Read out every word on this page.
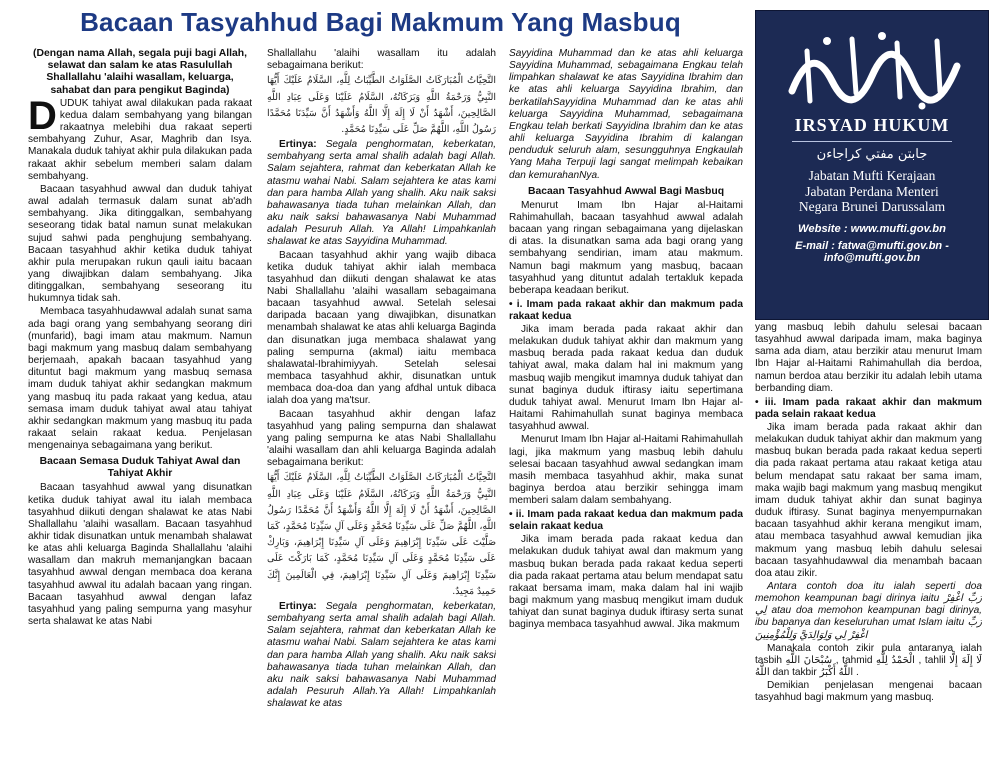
Bacaan Tasyahhud Bagi Makmum Yang Masbuq
IRSYAD HUKUM
جابتن مفتي كراجاءن
Jabatan Mufti Kerajaan
Jabatan Perdana Menteri
Negara Brunei Darussalam
Website : www.mufti.gov.bn
E-mail : fatwa@mufti.gov.bn - info@mufti.gov.bn

(Dengan nama Allah, segala puji bagi Allah, selawat dan salam ke atas Rasulullah Shallallahu 'alaihi wasallam, keluarga, sahabat dan para pengikut Baginda)

DUDUK tahiyat awal dilakukan pada rakaat kedua dalam sembahyang yang bilangan rakaatnya melebihi dua rakaat seperti sembahyang Zuhur, Asar, Maghrib dan Isya. Manakala duduk tahiyat akhir pula dilakukan pada rakaat akhir sebelum memberi salam dalam sembahyang.

Bacaan tasyahhud awwal dan duduk tahiyat awal adalah termasuk dalam sunat ab'adh sembahyang. Jika ditinggalkan, sembahyang seseorang tidak batal namun sunat melakukan sujud sahwi pada penghujung sembahyang. Bacaan tasyahhud akhir ketika duduk tahiyat akhir pula merupakan rukun qauli iaitu bacaan yang diwajibkan dalam sembahyang. Jika ditinggalkan, sembahyang seseorang itu hukumnya tidak sah.

Membaca tasyahhudawwal adalah sunat sama ada bagi orang yang sembahyang seorang diri (munfarid), bagi imam atau makmum. Namun bagi makmum yang masbuq dalam sembahyang berjemaah, apakah bacaan tasyahhud yang dituntut bagi makmum yang masbuq semasa imam duduk tahiyat akhir sedangkan makmum yang masbuq itu pada rakaat yang kedua, atau semasa imam duduk tahiyat awal atau tahiyat akhir sedangkan makmum yang masbuq itu pada rakaat selain rakaat kedua. Penjelasan mengenainya sebagaimana yang berikut.

Bacaan Semasa Duduk Tahiyat Awal dan Tahiyat Akhir

Bacaan tasyahhud awwal yang disunatkan ketika duduk tahiyat awal itu ialah membaca tasyahhud diikuti dengan shalawat ke atas Nabi Shallallahu 'alaihi wasallam. Bacaan tasyahhud akhir tidak disunatkan untuk menambah shalawat ke atas ahli keluarga Baginda Shallallahu 'alaihi wasallam dan makruh memanjangkan bacaan tasyahhud awwal dengan membaca doa kerana tasyahhud awwal itu adalah bacaan yang ringan. Bacaan tasyahhud awwal dengan lafaz tasyahhud yang paling sempurna yang masyhur serta shalawat ke atas Nabi

Shallallahu 'alaihi wasallam itu adalah sebagaimana berikut:

التَّحِيَّاتُ الْمُبَارَكَاتُ الصَّلَوَاتُ الطَّيِّبَاتُ لِلَّهِ، السَّلَامُ عَلَيْكَ أَيُّهَا النَّبِيُّ وَرَحْمَةُ اللَّهِ وَبَرَكَاتُهُ، السَّلَامُ عَلَيْنَا وَعَلَى عِبَادِ اللَّهِ الصَّالِحِينَ، أَشْهَدُ أَنْ لَا إِلَهَ إِلَّا اللَّهُ وَأَشْهَدُ أَنَّ سَيِّدَنَا مُحَمَّدًا رَسُولُ اللَّهِ، اللَّهُمَّ صَلِّ عَلَى سَيِّدِنَا مُحَمَّدٍ.

Ertinya: Segala penghormatan, keberkatan, sembahyang serta amal shalih adalah bagi Allah. Salam sejahtera, rahmat dan keberkatan Allah ke atasmu wahai Nabi. Salam sejahtera ke atas kami dan para hamba Allah yang shalih. Aku naik saksi bahawasanya tiada tuhan melainkan Allah, dan aku naik saksi bahawasanya Nabi Muhammad adalah Pesuruh Allah. Ya Allah! Limpahkanlah shalawat ke atas Sayyidina Muhammad.

Bacaan tasyahhud akhir yang wajib dibaca ketika duduk tahiyat akhir ialah membaca tasyahhud dan diikuti dengan shalawat ke atas Nabi Shallallahu 'alaihi wasallam sebagaimana bacaan tasyahhud awwal. Setelah selesai daripada bacaan yang diwajibkan, disunatkan menambah shalawat ke atas ahli keluarga Baginda dan disunatkan juga membaca shalawat yang paling sempurna (akmal) iaitu membaca shalawatal-Ibrahimiyyah. Setelah selesai membaca tasyahhud akhir, disunatkan untuk membaca doa-doa dan yang afdhal untuk dibaca ialah doa yang ma'tsur.

Bacaan tasyahhud akhir dengan lafaz tasyahhud yang paling sempurna dan shalawat yang paling sempurna ke atas Nabi Shallallahu 'alaihi wasallam dan ahli keluarga Baginda adalah sebagaimana berikut:

التَّحِيَّاتُ الْمُبَارَكَاتُ الصَّلَوَاتُ الطَّيِّبَاتُ لِلَّهِ، السَّلَامُ عَلَيْكَ أَيُّهَا النَّبِيُّ وَرَحْمَةُ اللَّهِ وَبَرَكَاتُهُ، السَّلَامُ عَلَيْنَا وَعَلَى عِبَادِ اللَّهِ الصَّالِحِينَ، أَشْهَدُ أَنْ لَا إِلَهَ إِلَّا اللَّهُ وَأَشْهَدُ أَنَّ مُحَمَّدًا رَسُولُ اللَّهِ، اللَّهُمَّ صَلِّ عَلَى سَيِّدِنَا مُحَمَّدٍ وَعَلَى آلِ سَيِّدِنَا مُحَمَّدٍ، كَمَا صَلَّيْتَ عَلَى سَيِّدِنَا إِبْرَاهِيمَ وَعَلَى آلِ سَيِّدِنَا إِبْرَاهِيمَ، وَبَارِكْ عَلَى سَيِّدِنَا مُحَمَّدٍ وَعَلَى آلِ سَيِّدِنَا مُحَمَّدٍ، كَمَا بَارَكْتَ عَلَى سَيِّدِنَا إِبْرَاهِيمَ وَعَلَى آلِ سَيِّدِنَا إِبْرَاهِيمَ، فِي الْعَالَمِينَ إِنَّكَ حَمِيدٌ مَجِيدٌ.

Ertinya: Segala penghormatan, keberkatan, sembahyang serta amal shalih adalah bagi Allah. Salam sejahtera, rahmat dan keberkatan Allah ke atasmu wahai Nabi. Salam sejahtera ke atas kami dan para hamba Allah yang shalih. Aku naik saksi bahawasanya tiada tuhan melainkan Allah, dan aku naik saksi bahawasanya Nabi Muhammad adalah Pesuruh Allah.Ya Allah! Limpahkanlah shalawat ke atas

Sayyidina Muhammad dan ke atas ahli keluarga Sayyidina Muhammad, sebagaimana Engkau telah limpahkan shalawat ke atas Sayyidina Ibrahim dan ke atas ahli keluarga Sayyidina Ibrahim, dan berkatilahSayyidina Muhammad dan ke atas ahli keluarga Sayyidina Muhammad, sebagaimana Engkau telah berkati Sayyidina Ibrahim dan ke atas ahli keluarga Sayyidina Ibrahim di kalangan penduduk seluruh alam, sesungguhnya Engkaulah Yang Maha Terpuji lagi sangat melimpah kebaikan dan kemurahanNya.

Bacaan Tasyahhud Awwal Bagi Masbuq

Menurut Imam Ibn Hajar al-Haitami Rahimahullah, bacaan tasyahhud awwal adalah bacaan yang ringan sebagaimana yang dijelaskan di atas. Ia disunatkan sama ada bagi orang yang sembahyang sendirian, imam atau makmum. Namun bagi makmum yang masbuq, bacaan tasyahhud yang dituntut adalah tertakluk kepada beberapa keadaan berikut.

• i. Imam pada rakaat akhir dan makmum pada rakaat kedua

Jika imam berada pada rakaat akhir dan melakukan duduk tahiyat akhir dan makmum yang masbuq berada pada rakaat kedua dan duduk tahiyat awal, maka dalam hal ini makmum yang masbuq wajib mengikut imamnya duduk tahiyat dan sunat baginya duduk iftirasy iaitu sepertimana duduk tahiyat awal. Menurut Imam Ibn Hajar al-Haitami Rahimahullah sunat baginya membaca tasyahhud awwal.

Menurut Imam Ibn Hajar al-Haitami Rahimahullah lagi, jika makmum yang masbuq lebih dahulu selesai bacaan tasyahhud awwal sedangkan imam masih membaca tasyahhud akhir, maka sunat baginya berdoa atau berzikir sehingga imam memberi salam dalam sembahyang.

• ii. Imam pada rakaat kedua dan makmum pada selain rakaat kedua

Jika imam berada pada rakaat kedua dan melakukan duduk tahiyat awal dan makmum yang masbuq bukan berada pada rakaat kedua seperti dia pada rakaat pertama atau belum mendapat satu rakaat bersama imam, maka dalam hal ini wajib bagi makmum yang masbuq mengikut imam duduk tahiyat dan sunat baginya duduk iftirasy serta sunat baginya membaca tasyahhud awwal. Jika makmum

yang masbuq lebih dahulu selesai bacaan tasyahhud awwal daripada imam, maka baginya sama ada diam, atau berzikir atau menurut Imam Ibn Hajar al-Haitami Rahimahullah dia berdoa, namun berdoa atau berzikir itu adalah lebih utama berbanding diam.

• iii. Imam pada rakaat akhir dan makmum pada selain rakaat kedua

Jika imam berada pada rakaat akhir dan melakukan duduk tahiyat akhir dan makmum yang masbuq bukan berada pada rakaat kedua seperti dia pada rakaat pertama atau rakaat ketiga atau belum mendapat satu rakaat ber sama imam, maka wajib bagi makmum yang masbuq mengikut imam duduk tahiyat akhir dan sunat baginya duduk iftirasy. Sunat baginya menyempurnakan bacaan tasyahhud akhir kerana mengikut imam, atau membaca tasyahhud awwal kemudian jika makmum yang masbuq lebih dahulu selesai bacaan tasyahhudawwal dia menambah bacaan doa atau zikir.

Antara contoh doa itu ialah seperti doa memohon keampunan bagi dirinya iaitu رَبِّ اغْفِرْ لِي atau doa memohon keampunan bagi dirinya, ibu bapanya dan keseluruhan umat Islam iaitu رَبِّ اغْفِرْ لِي وَلِوَالِدَيَّ وَلِلْمُؤْمِنِينَ

Manakala contoh zikir pula antaranya ialah tasbih سُبْحَانَ اللَّهِ , tahmid الْحَمْدُ لِلَّهِ , tahlil لَا إِلَهَ إِلَّا اللَّهُ dan takbir اللَّهُ أَكْبَرُ .

Demikian penjelasan mengenai bacaan tasyahhud bagi makmum yang masbuq.
